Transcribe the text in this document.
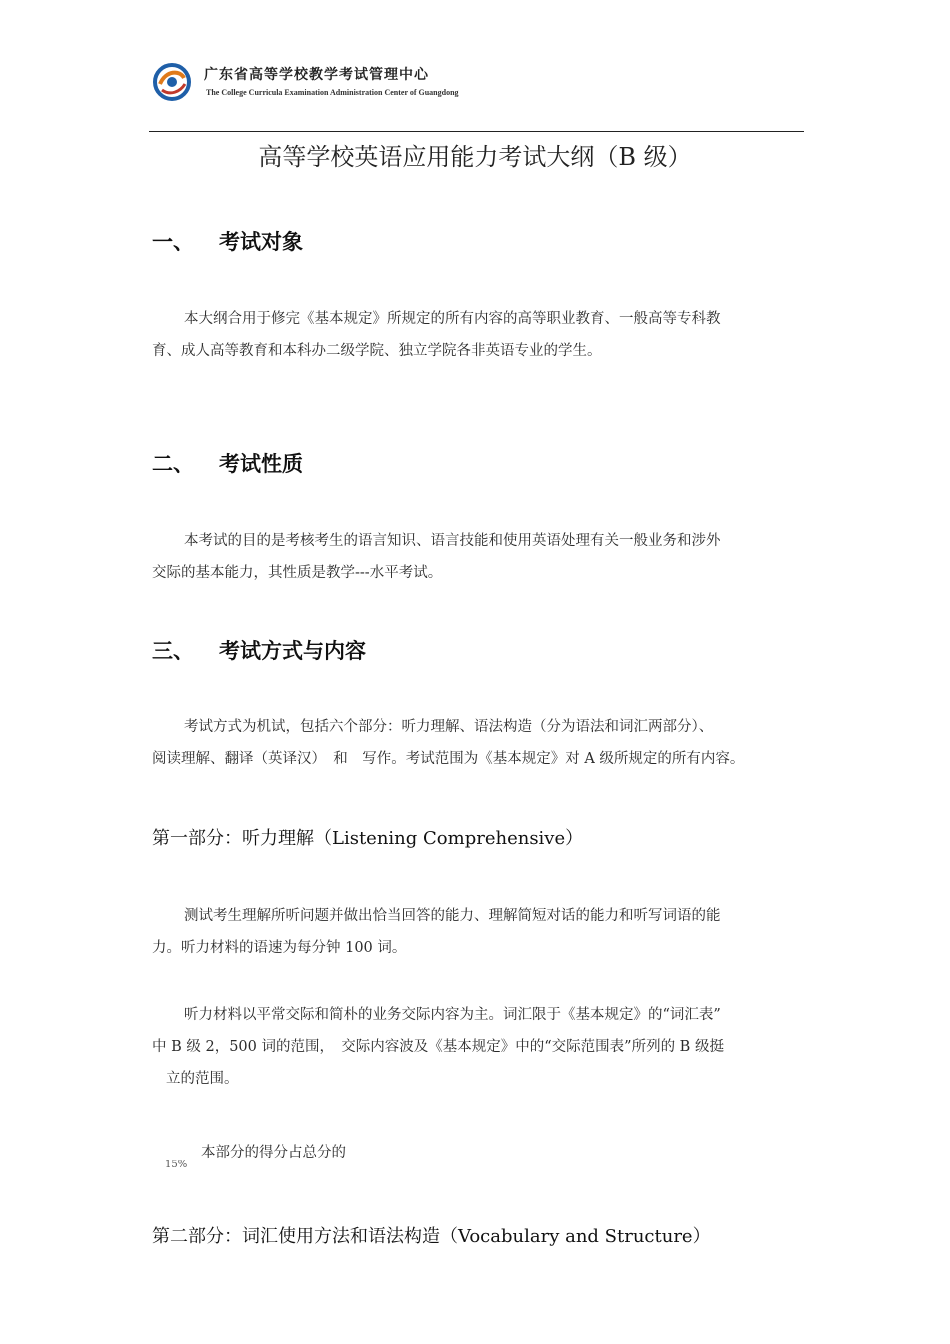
广东省高等学校教学考试管理中心
The College Curricula Examination Administration Center of Guangdong
高等学校英语应用能力考试大纲（B 级）
一、 考试对象
本大纲合用于修完《基本规定》所规定的所有内容的高等职业教育、一般高等专科教
育、成人高等教育和本科办二级学院、独立学院各非英语专业的学生。
二、 考试性质
本考试的目的是考核考生的语言知识、语言技能和使用英语处理有关一般业务和涉外
交际的基本能力，其性质是教学---水平考试。
三、 考试方式与内容
考试方式为机试，包括六个部分：听力理解、语法构造（分为语法和词汇两部分）、
阅读理解、翻译（英译汉）　和　写作。考试范围为《基本规定》对 A 级所规定的所有内容。
第一部分：听力理解（Listening Comprehensive）
测试考生理解所听问题并做出恰当回答的能力、理解简短对话的能力和听写词语的能
力。听力材料的语速为每分钟 100 词。
听力材料以平常交际和简朴的业务交际内容为主。词汇限于《基本规定》的“词汇表”
中 B 级 2，500 词的范围，　交际内容波及《基本规定》中的“交际范围表”所列的 B 级挺
立的范围。
本部分的得分占总分的
15%
第二部分：词汇使用方法和语法构造（Vocabulary and Structure）
